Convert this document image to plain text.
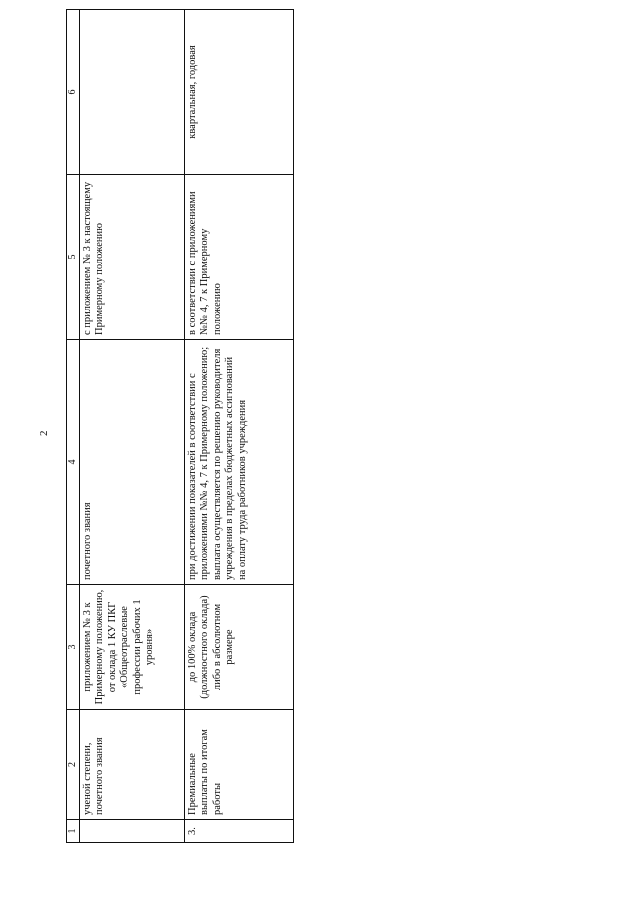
2
1	2	3	4	5	6
	ученой степени, почетного звания	приложением № 3 к Примерному положению, от оклада 1 КУ ПКГ «Общеотраслевые профессии рабочих 1 уровня»	почетного звания	с приложением № 3 к настоящему Примерному положению	
3.	Премиальные выплаты по итогам работы	до 100% оклада (должностного оклада) либо в абсолютном размере	при достижении показателей в соответствии с приложениями №№ 4, 7 к Примерному положению; выплата осуществляется по решению руководителя учреждения в пределах бюджетных ассигнований на оплату труда работников учреждения	в соответствии с приложениями №№ 4, 7 к Примерному положению	квартальная, годовая
